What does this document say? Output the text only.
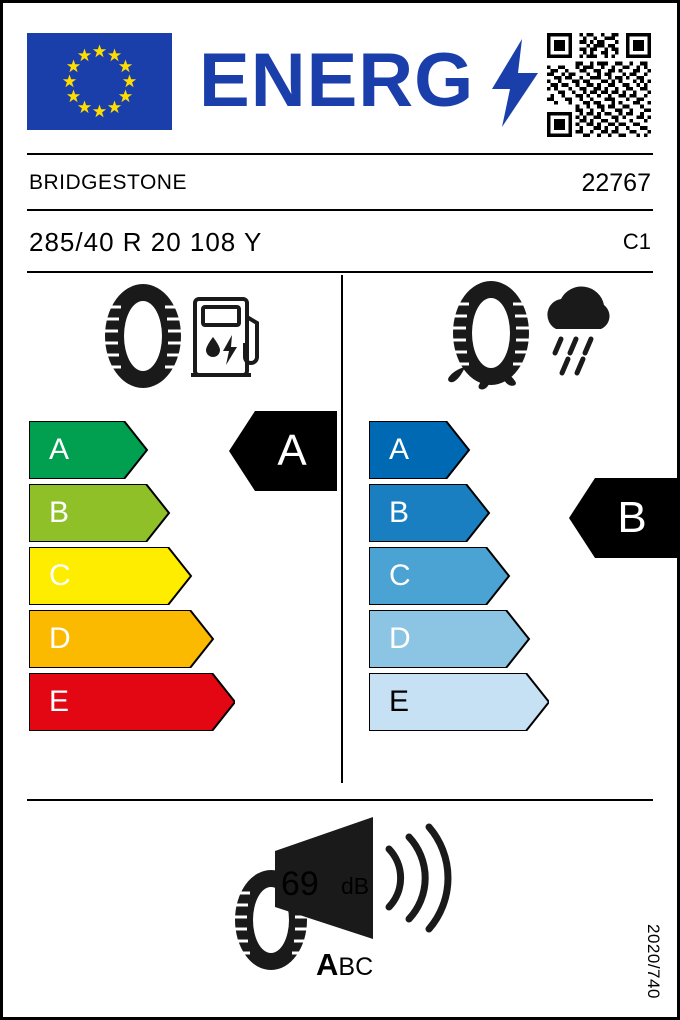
ENERG
BRIDGESTONE	22767
285/40 R 20 108 Y	C1
A
B
C
D
E
A	A
B
C
D
E
B
69 dB
ABC	2020/740
